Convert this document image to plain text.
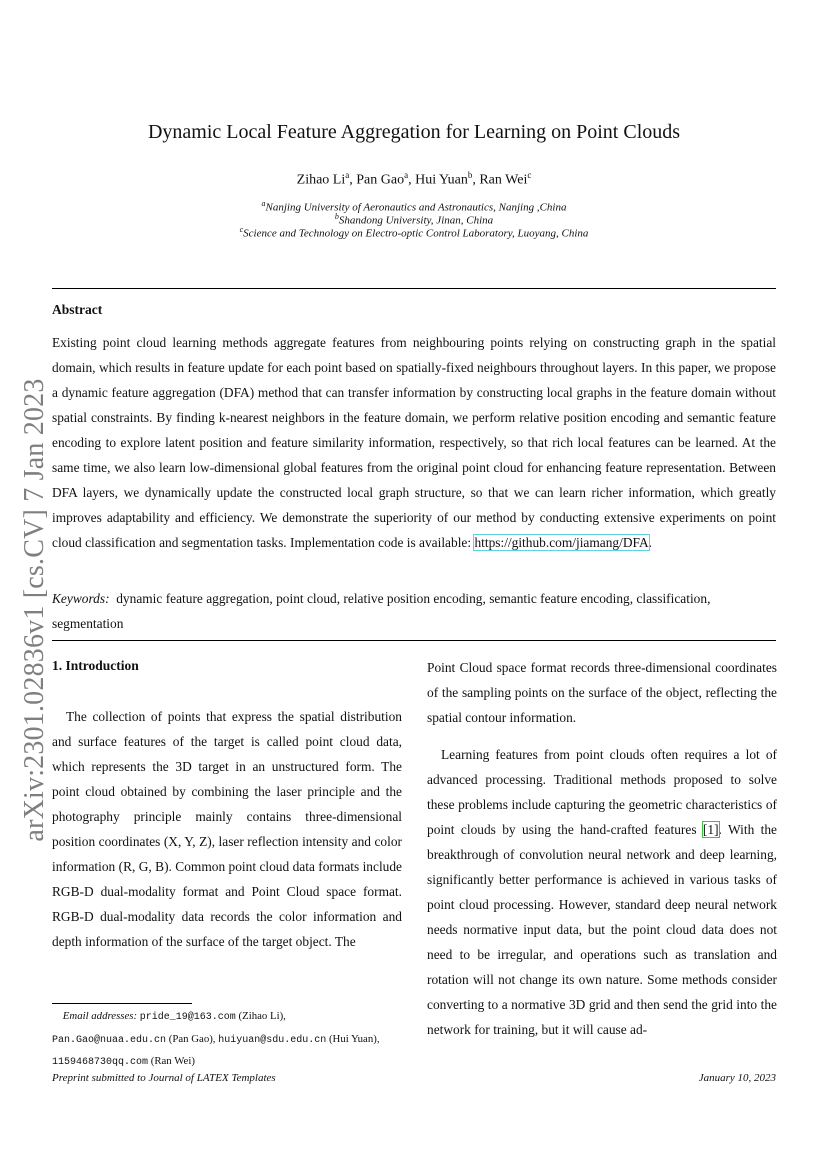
arXiv:2301.02836v1 [cs.CV] 7 Jan 2023
Dynamic Local Feature Aggregation for Learning on Point Clouds
Zihao Li$^a$, Pan Gao$^a$, Hui Yuan$^b$, Ran Wei$^c$
$^a$Nanjing University of Aeronautics and Astronautics, Nanjing ,China
$^b$Shandong University, Jinan, China
$^c$Science and Technology on Electro-optic Control Laboratory, Luoyang, China
Abstract
Existing point cloud learning methods aggregate features from neighbouring points relying on constructing graph in the spatial domain, which results in feature update for each point based on spatially-fixed neighbours throughout layers. In this paper, we propose a dynamic feature aggregation (DFA) method that can transfer information by constructing local graphs in the feature domain without spatial constraints. By finding k-nearest neighbors in the feature domain, we perform relative position encoding and semantic feature encoding to explore latent position and feature similarity information, respectively, so that rich local features can be learned. At the same time, we also learn low-dimensional global features from the original point cloud for enhancing feature representation. Between DFA layers, we dynamically update the constructed local graph structure, so that we can learn richer information, which greatly improves adaptability and efficiency. We demonstrate the superiority of our method by conducting extensive experiments on point cloud classification and segmentation tasks. Implementation code is available: https://github.com/jiamang/DFA.
Keywords: dynamic feature aggregation, point cloud, relative position encoding, semantic feature encoding, classification, segmentation
1. Introduction

The collection of points that express the spatial distribution and surface features of the target is called point cloud data, which represents the 3D target in an unstructured form. The point cloud obtained by combining the laser principle and the photography principle mainly contains three-dimensional position coordinates (X, Y, Z), laser reflection intensity and color information (R, G, B). Common point cloud data formats include RGB-D dual-modality format and Point Cloud space format. RGB-D dual-modality data records the color information and depth information of the surface of the target object. The

Point Cloud space format records three-dimensional coordinates of the sampling points on the surface of the object, reflecting the spatial contour information.

Learning features from point clouds often requires a lot of advanced processing. Traditional methods proposed to solve these problems include capturing the geometric characteristics of point clouds by using the hand-crafted features [1]. With the breakthrough of convolution neural network and deep learning, significantly better performance is achieved in various tasks of point cloud processing. However, standard deep neural network needs normative input data, but the point cloud data does not need to be irregular, and operations such as translation and rotation will not change its own nature. Some methods consider converting to a normative 3D grid and then send the grid into the network for training, but it will cause ad-

Email addresses: pride_19@163.com (Zihao Li),
Pan.Gao@nuaa.edu.cn (Pan Gao), huiyuan@sdu.edu.cn (Hui Yuan),
1159468730qq.com (Ran Wei)
Preprint submitted to Journal of LATEX Templates	January 10, 2023
